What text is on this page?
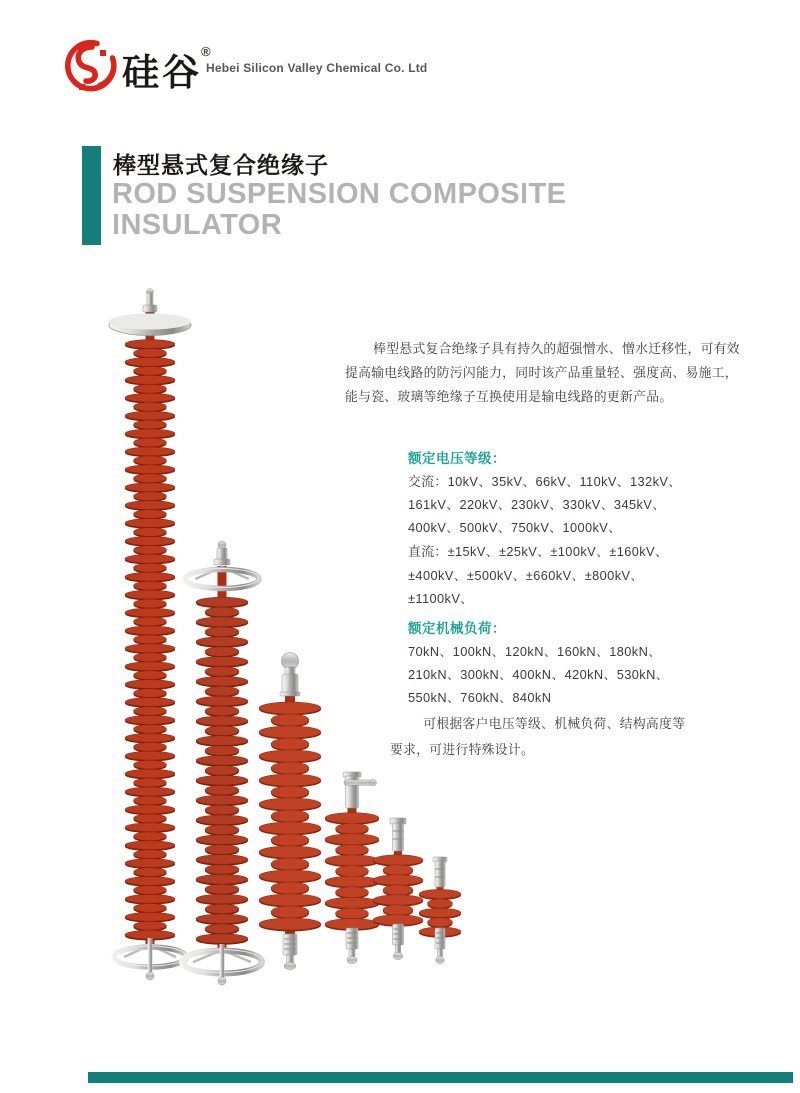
硅谷
®
Hebei Silicon Valley Chemical Co. Ltd
棒型悬式复合绝缘子
ROD SUSPENSION COMPOSITE
INSULATOR
棒型悬式复合绝缘子具有持久的超强憎水、憎水迁移性，可有效
提高输电线路的防污闪能力，同时该产品重量轻、强度高、易施工，
能与瓷、玻璃等绝缘子互换使用是输电线路的更新产品。
额定电压等级：
交流：10kV、35kV、66kV、110kV、132kV、
161kV、220kV、230kV、330kV、345kV、
400kV、500kV、750kV、1000kV、
直流：±15kV、±25kV、±100kV、±160kV、
±400kV、±500kV、±660kV、±800kV、
±1100kV、
额定机械负荷：
70kN、100kN、120kN、160kN、180kN、
210kN、300kN、400kN、420kN、530kN、
550kN、760kN、840kN
可根据客户电压等级、机械负荷、结构高度等
要求，可进行特殊设计。
